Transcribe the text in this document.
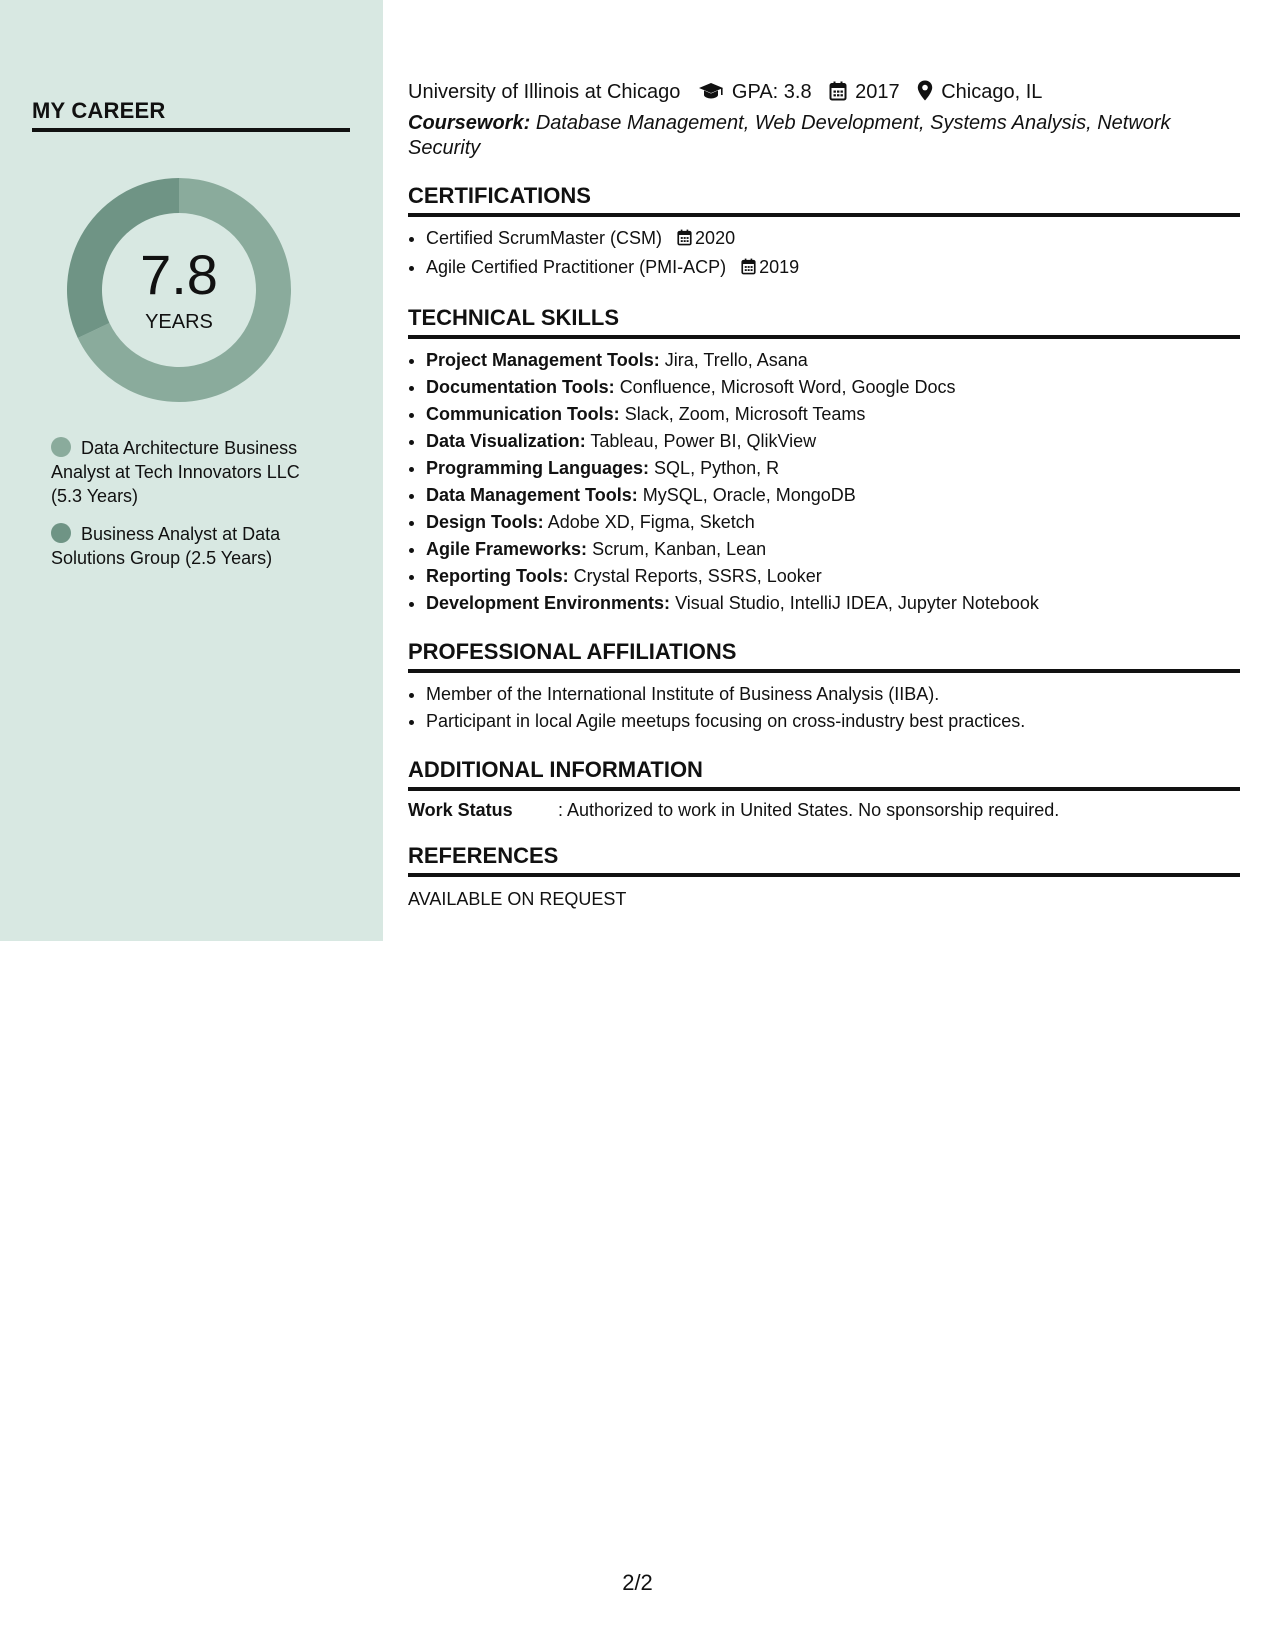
MY CAREER
7.8
YEARS
Data Architecture Business Analyst at Tech Innovators LLC (5.3 Years)
Business Analyst at Data Solutions Group (2.5 Years)
University of Illinois at Chicago	GPA: 3.8 2017 Chicago, IL
Coursework: Database Management, Web Development, Systems Analysis, Network Security
CERTIFICATIONS
• Certified ScrumMaster (CSM) 2020
• Agile Certified Practitioner (PMI-ACP) 2019
TECHNICAL SKILLS
• Project Management Tools: Jira, Trello, Asana
• Documentation Tools: Confluence, Microsoft Word, Google Docs
• Communication Tools: Slack, Zoom, Microsoft Teams
• Data Visualization: Tableau, Power BI, QlikView
• Programming Languages: SQL, Python, R
• Data Management Tools: MySQL, Oracle, MongoDB
• Design Tools: Adobe XD, Figma, Sketch
• Agile Frameworks: Scrum, Kanban, Lean
• Reporting Tools: Crystal Reports, SSRS, Looker
• Development Environments: Visual Studio, IntelliJ IDEA, Jupyter Notebook
PROFESSIONAL AFFILIATIONS
• Member of the International Institute of Business Analysis (IIBA).
• Participant in local Agile meetups focusing on cross-industry best practices.
ADDITIONAL INFORMATION
Work Status	: Authorized to work in United States. No sponsorship required.
REFERENCES
AVAILABLE ON REQUEST
2/2
